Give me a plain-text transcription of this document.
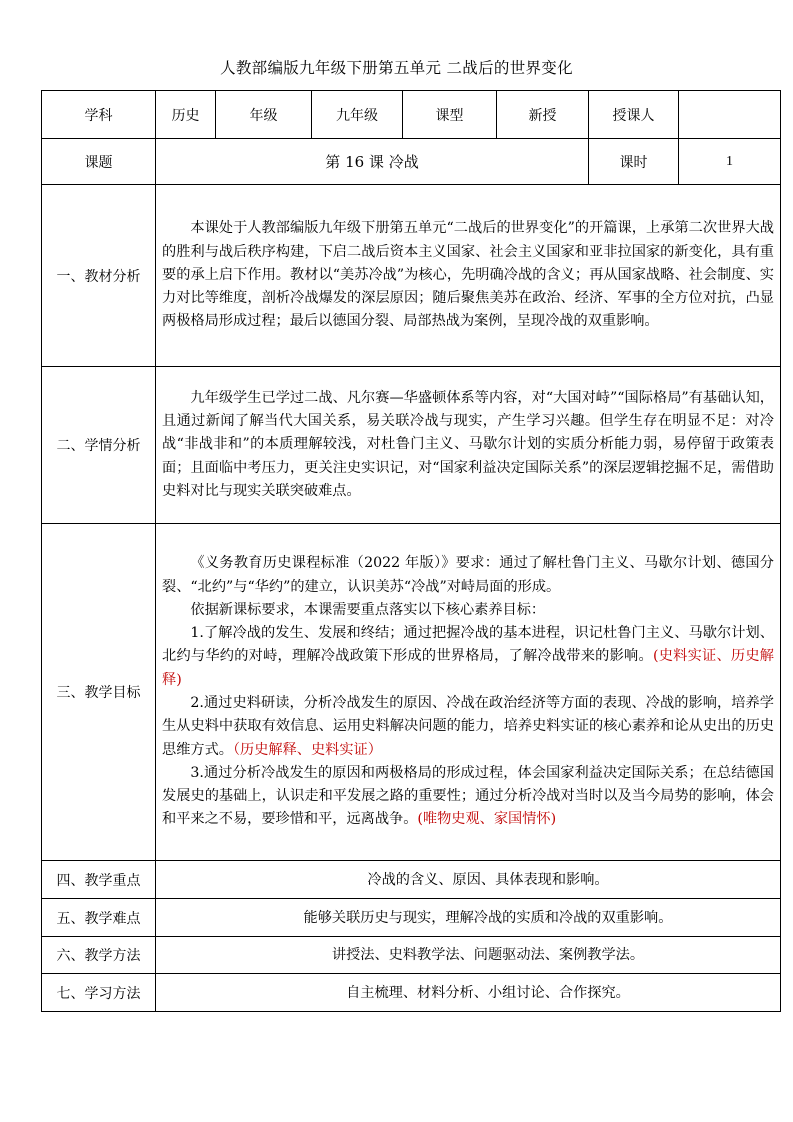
人教部编版九年级下册第五单元 二战后的世界变化
学科	历史	年级	九年级	课型	新授	授课人	
课题	第 16 课 冷战					课时	1
一、教材分析	本课处于人教部编版九年级下册第五单元“二战后的世界变化”的开篇课，上承第二次世界大战的胜利与战后秩序构建，下启二战后资本主义国家、社会主义国家和亚非拉国家的新变化，具有重要的承上启下作用。教材以“美苏冷战”为核心，先明确冷战的含义；再从国家战略、社会制度、实力对比等维度，剖析冷战爆发的深层原因；随后聚焦美苏在政治、经济、军事的全方位对抗，凸显两极格局形成过程；最后以德国分裂、局部热战为案例，呈现冷战的双重影响。						

二、学情分析	九年级学生已学过二战、凡尔赛—华盛顿体系等内容，对“大国对峙”“国际格局”有基础认知，且通过新闻了解当代大国关系，易关联冷战与现实，产生学习兴趣。但学生存在明显不足：对冷战“非战非和”的本质理解较浅，对杜鲁门主义、马歇尔计划的实质分析能力弱，易停留于政策表面；且面临中考压力，更关注史实识记，对“国家利益决定国际关系”的深层逻辑挖掘不足，需借助史料对比与现实关联突破难点。						

三、教学目标	《义务教育历史课程标准（2022 年版）》要求：通过了解杜鲁门主义、马歇尔计划、德国分裂、“北约”与“华约”的建立，认识美苏“冷战”对峙局面的形成。

依据新课标要求，本课需要重点落实以下核心素养目标：

1.了解冷战的发生、发展和终结；通过把握冷战的基本进程，识记杜鲁门主义、马歇尔计划、北约与华约的对峙，理解冷战政策下形成的世界格局，了解冷战带来的影响。(史料实证、历史解释)

2.通过史料研读，分析冷战发生的原因、冷战在政治经济等方面的表现、冷战的影响，培养学生从史料中获取有效信息、运用史料解决问题的能力，培养史料实证的核心素养和论从史出的历史思维方式。（历史解释、史料实证）

3.通过分析冷战发生的原因和两极格局的形成过程，体会国家利益决定国际关系；在总结德国发展史的基础上，认识走和平发展之路的重要性；通过分析冷战对当时以及当今局势的影响，体会和平来之不易，要珍惜和平，远离战争。(唯物史观、家国情怀)						

四、教学重点	冷战的含义、原因、具体表现和影响。						

五、教学难点	能够关联历史与现实，理解冷战的实质和冷战的双重影响。						

六、教学方法	讲授法、史料教学法、问题驱动法、案例教学法。						

七、学习方法	自主梳理、材料分析、小组讨论、合作探究。						
